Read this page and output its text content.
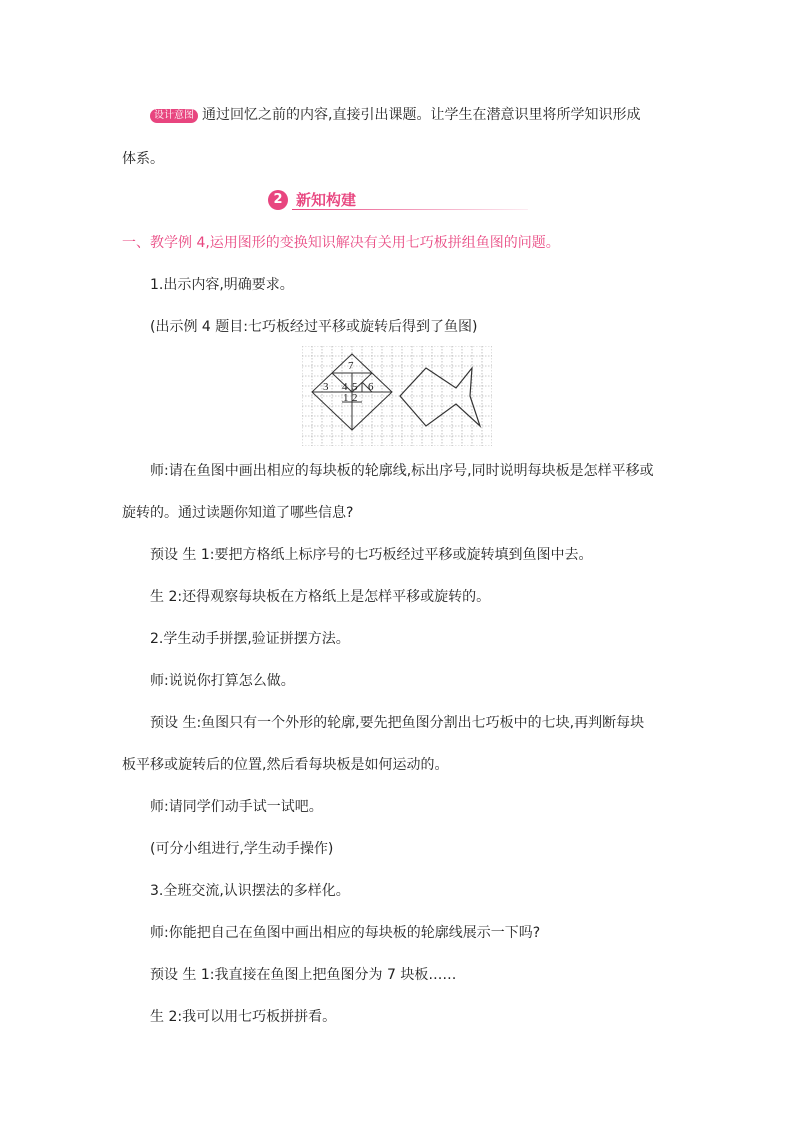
设计意图 通过回忆之前的内容,直接引出课题。让学生在潜意识里将所学知识形成
体系。
2 新知构建
一、教学例 4,运用图形的变换知识解决有关用七巧板拼组鱼图的问题。
1.出示内容,明确要求。
(出示例 4 题目:七巧板经过平移或旋转后得到了鱼图)
7
3 4 5 6
1 2
师:请在鱼图中画出相应的每块板的轮廓线,标出序号,同时说明每块板是怎样平移或
旋转的。通过读题你知道了哪些信息?
预设 生 1:要把方格纸上标序号的七巧板经过平移或旋转填到鱼图中去。
生 2:还得观察每块板在方格纸上是怎样平移或旋转的。
2.学生动手拼摆,验证拼摆方法。
师:说说你打算怎么做。
预设 生:鱼图只有一个外形的轮廓,要先把鱼图分割出七巧板中的七块,再判断每块
板平移或旋转后的位置,然后看每块板是如何运动的。
师:请同学们动手试一试吧。
(可分小组进行,学生动手操作)
3.全班交流,认识摆法的多样化。
师:你能把自己在鱼图中画出相应的每块板的轮廓线展示一下吗?
预设 生 1:我直接在鱼图上把鱼图分为 7 块板……
生 2:我可以用七巧板拼拼看。
